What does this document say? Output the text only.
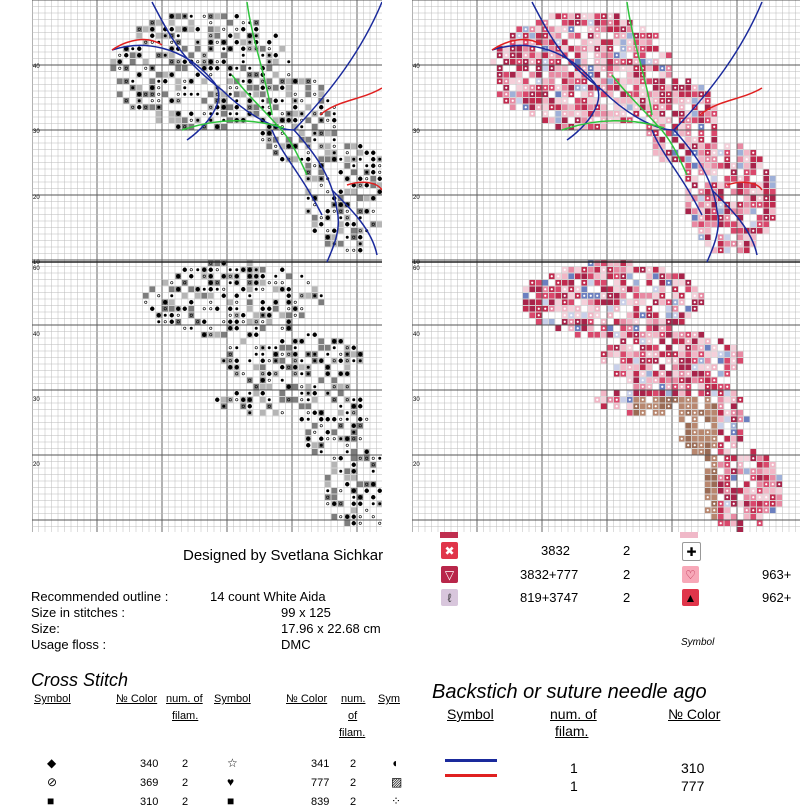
40
30
20
10
60
40
30
20
40
30
20
10
60
40
30
20
Designed by Svetlana Sichkar
Recommended outline :	14 count White Aida
Size in stitches :	99 x 125
Size:	17.96 x 22.68 cm
Usage floss :	DMC
✖	3832	2	✚
▽	3832+777	2	♡	963+
ℓ	819+3747	2	▲	962+
Symbol
Cross Stitch
Symbol	№ Color num. of
filam.
Symbol	№ Color num.
of
filam.
Sym
◆	340 2	☆	341 2	◖
⊘	369 2	♥	777 2	▨
■	310 2	■	839 2	⁘
Backstich or suture needle ago
Symbol	num. of
filam.
№ Color
1	310
1	777
